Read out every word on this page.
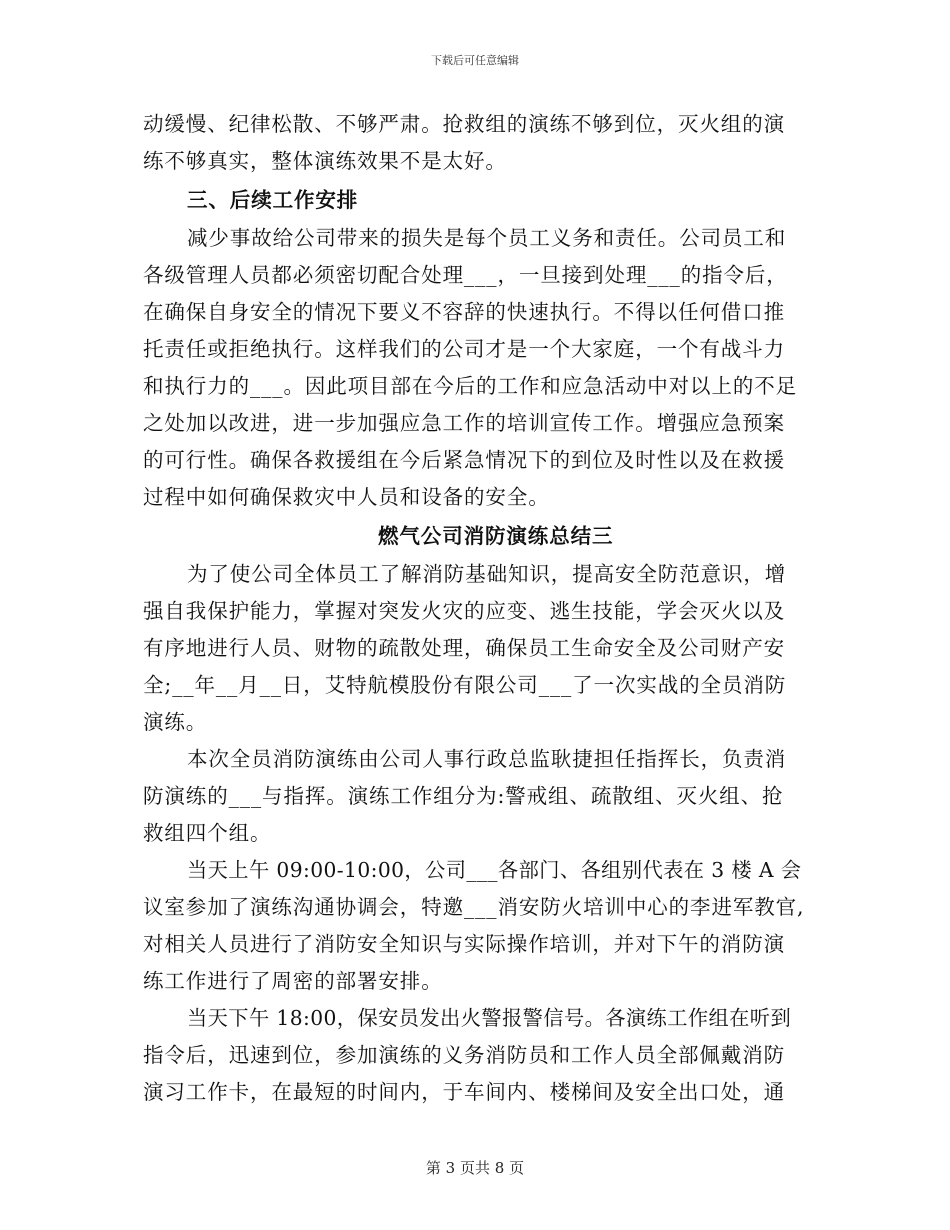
下载后可任意编辑
动缓慢、纪律松散、不够严肃。抢救组的演练不够到位，灭火组的演
练不够真实，整体演练效果不是太好。
三、后续工作安排
减少事故给公司带来的损失是每个员工义务和责任。公司员工和
各级管理人员都必须密切配合处理___，一旦接到处理___的指令后，
在确保自身安全的情况下要义不容辞的快速执行。不得以任何借口推
托责任或拒绝执行。这样我们的公司才是一个大家庭，一个有战斗力
和执行力的___。因此项目部在今后的工作和应急活动中对以上的不足
之处加以改进，进一步加强应急工作的培训宣传工作。增强应急预案
的可行性。确保各救援组在今后紧急情况下的到位及时性以及在救援
过程中如何确保救灾中人员和设备的安全。
燃气公司消防演练总结三
为了使公司全体员工了解消防基础知识，提高安全防范意识，增
强自我保护能力，掌握对突发火灾的应变、逃生技能，学会灭火以及
有序地进行人员、财物的疏散处理，确保员工生命安全及公司财产安
全;__年__月__日，艾特航模股份有限公司___了一次实战的全员消防
演练。
本次全员消防演练由公司人事行政总监耿捷担任指挥长，负责消
防演练的___与指挥。演练工作组分为:警戒组、疏散组、灭火组、抢
救组四个组。
当天上午 09:00-10:00，公司___各部门、各组别代表在 3 楼 A 会
议室参加了演练沟通协调会，特邀___消安防火培训中心的李进军教官,
对相关人员进行了消防安全知识与实际操作培训，并对下午的消防演
练工作进行了周密的部署安排。
当天下午 18:00，保安员发出火警报警信号。各演练工作组在听到
指令后，迅速到位，参加演练的义务消防员和工作人员全部佩戴消防
演习工作卡，在最短的时间内，于车间内、楼梯间及安全出口处，通
第 3 页共 8 页
